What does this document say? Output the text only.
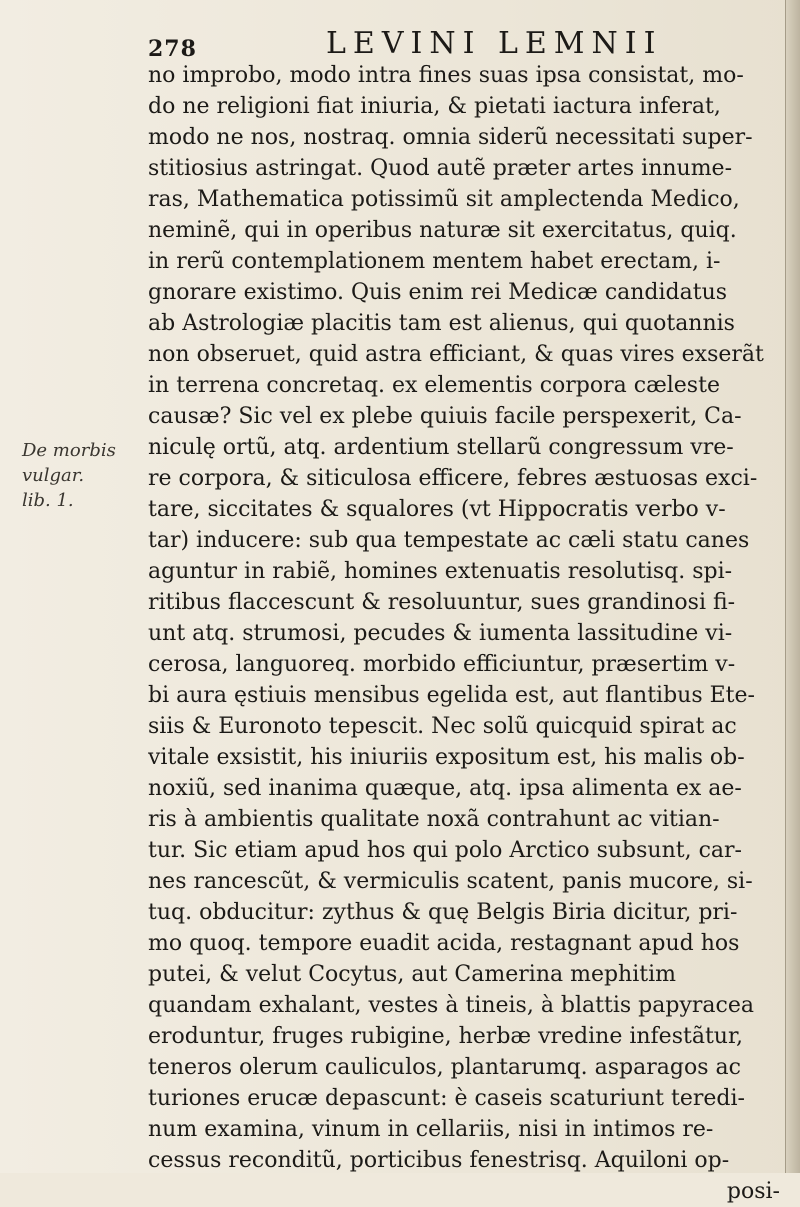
278	LEVINI LEMNII
De morbis
vulgar.
lib. 1.
no improbo, modo intra fines suas ipsa consistat, mo-
do ne religioni fiat iniuria, & pietati iactura inferat,
modo ne nos, nostraq. omnia siderũ necessitati super-
stitiosius astringat. Quod autẽ præter artes innume-
ras, Mathematica potissimũ sit amplectenda Medico,
neminẽ, qui in operibus naturæ sit exercitatus, quiq.
in rerũ contemplationem mentem habet erectam, i-
gnorare existimo. Quis enim rei Medicæ candidatus
ab Astrologiæ placitis tam est alienus, qui quotannis
non obseruet, quid astra efficiant, & quas vires exserãt
in terrena concretaq. ex elementis corpora cæleste
causæ? Sic vel ex plebe quiuis facile perspexerit, Ca-
niculę ortũ, atq. ardentium stellarũ congressum vre-
re corpora, & siticulosa efficere, febres æstuosas exci-
tare, siccitates & squalores (vt Hippocratis verbo v-
tar) inducere: sub qua tempestate ac cæli statu canes
aguntur in rabiẽ, homines extenuatis resolutisq. spi-
ritibus flaccescunt & resoluuntur, sues grandinosi fi-
unt atq. strumosi, pecudes & iumenta lassitudine vi-
cerosa, languoreq. morbido efficiuntur, præsertim v-
bi aura ęstiuis mensibus egelida est, aut flantibus Ete-
siis & Euronoto tepescit. Nec solũ quicquid spirat ac
vitale exsistit, his iniuriis expositum est, his malis ob-
noxiũ, sed inanima quæque, atq. ipsa alimenta ex ae-
ris à ambientis qualitate noxã contrahunt ac vitian-
tur. Sic etiam apud hos qui polo Arctico subsunt, car-
nes rancescũt, & vermiculis scatent, panis mucore, si-
tuq. obducitur: zythus & quę Belgis Biria dicitur, pri-
mo quoq. tempore euadit acida, restagnant apud hos
putei, & velut Cocytus, aut Camerina mephitim
quandam exhalant, vestes à tineis, à blattis papyracea
eroduntur, fruges rubigine, herbæ vredine infestãtur,
teneros olerum cauliculos, plantarumq. asparagos ac
turiones erucæ depascunt: è caseis scaturiunt teredi-
num examina, vinum in cellariis, nisi in intimos re-
cessus reconditũ, porticibus fenestrisq. Aquiloni op-
posi-
